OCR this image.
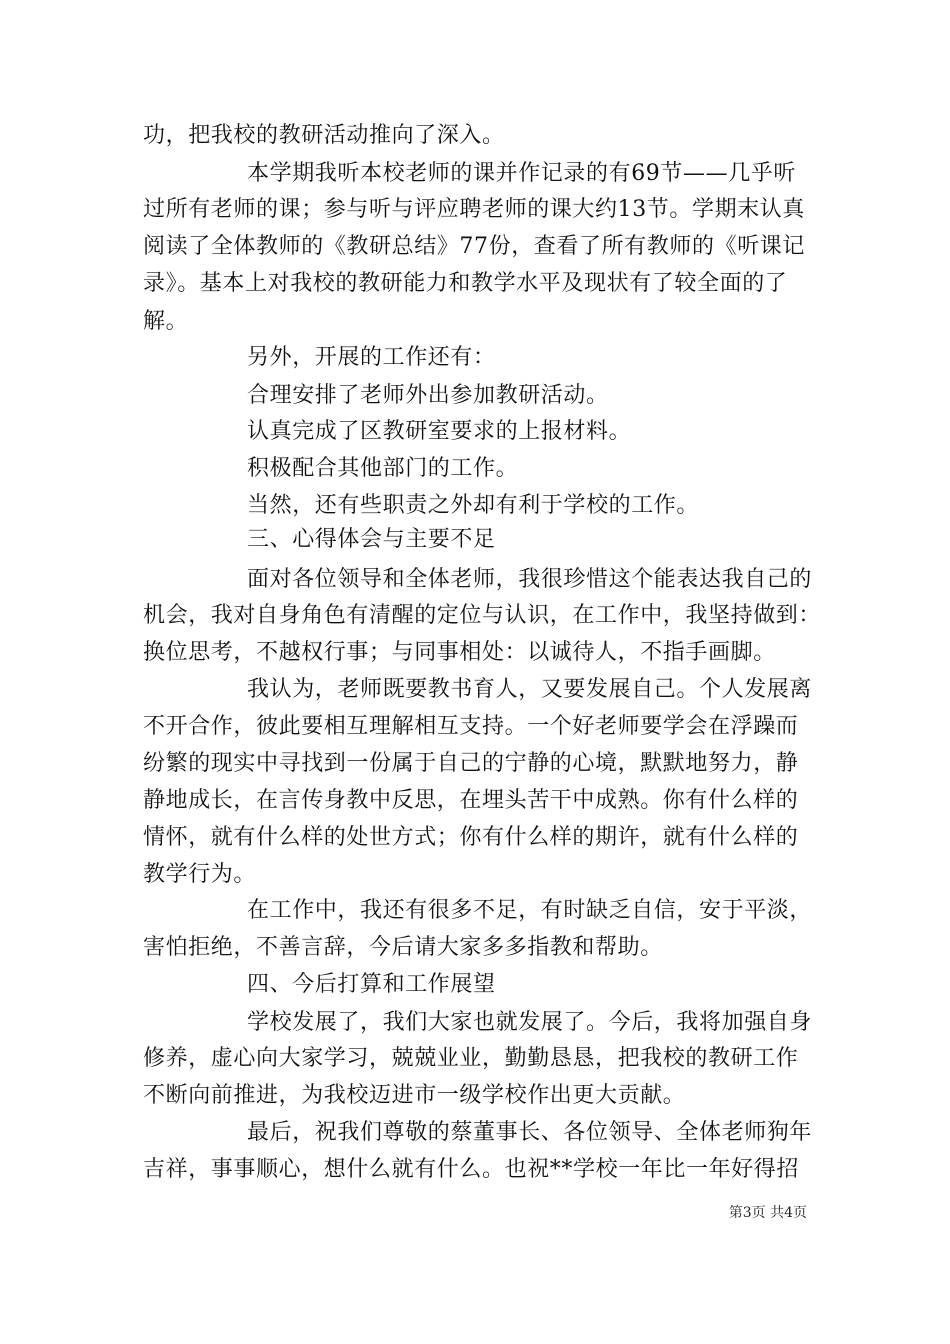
功，把我校的教研活动推向了深入。
本学期我听本校老师的课并作记录的有69节——几乎听
过所有老师的课；参与听与评应聘老师的课大约13节。学期末认真
阅读了全体教师的《教研总结》77份，查看了所有教师的《听课记
录》。基本上对我校的教研能力和教学水平及现状有了较全面的了
解。
另外，开展的工作还有：
合理安排了老师外出参加教研活动。
认真完成了区教研室要求的上报材料。
积极配合其他部门的工作。
当然，还有些职责之外却有利于学校的工作。
三、心得体会与主要不足
面对各位领导和全体老师，我很珍惜这个能表达我自己的
机会，我对自身角色有清醒的定位与认识，在工作中，我坚持做到：
换位思考，不越权行事；与同事相处：以诚待人，不指手画脚。
我认为，老师既要教书育人，又要发展自己。个人发展离
不开合作，彼此要相互理解相互支持。一个好老师要学会在浮躁而
纷繁的现实中寻找到一份属于自己的宁静的心境，默默地努力，静
静地成长，在言传身教中反思，在埋头苦干中成熟。你有什么样的
情怀，就有什么样的处世方式；你有什么样的期许，就有什么样的
教学行为。
在工作中，我还有很多不足，有时缺乏自信，安于平淡，
害怕拒绝，不善言辞，今后请大家多多指教和帮助。
四、今后打算和工作展望
学校发展了，我们大家也就发展了。今后，我将加强自身
修养，虚心向大家学习，兢兢业业，勤勤恳恳，把我校的教研工作
不断向前推进，为我校迈进市一级学校作出更大贡献。
最后，祝我们尊敬的蔡董事长、各位领导、全体老师狗年
吉祥，事事顺心，想什么就有什么。也祝**学校一年比一年好得招
第3页 共4页
